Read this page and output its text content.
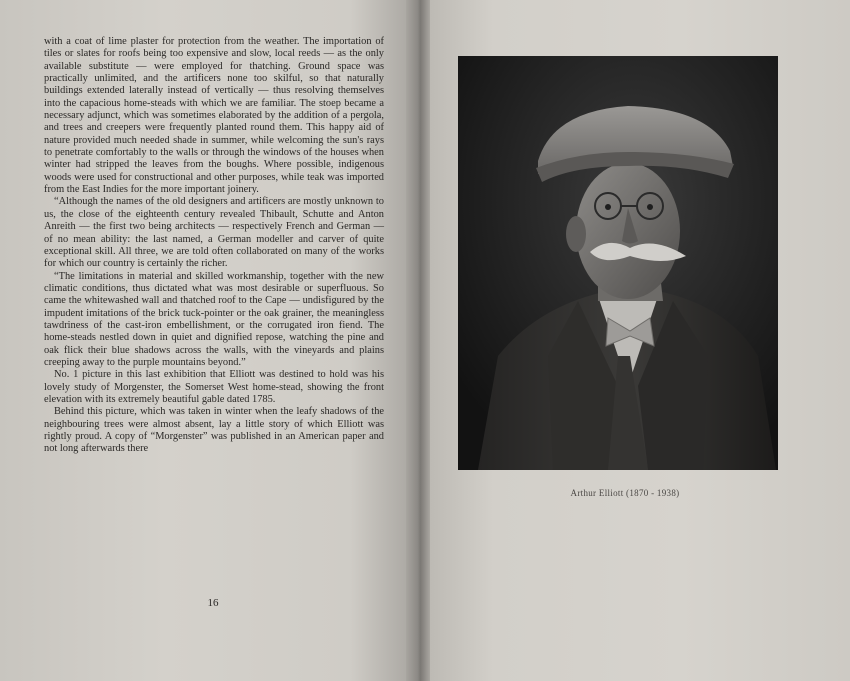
with a coat of lime plaster for protection from the weather. The importation of tiles or slates for roofs being too expensive and slow, local reeds — as the only available substitute — were employed for thatching. Ground space was practically unlimited, and the artificers none too skilful, so that naturally buildings extended laterally instead of vertically — thus resolving themselves into the capacious home-steads with which we are familiar. The stoep became a necessary adjunct, which was sometimes elaborated by the addition of a pergola, and trees and creepers were frequently planted round them. This happy aid of nature provided much needed shade in summer, while welcoming the sun's rays to penetrate comfortably to the walls or through the windows of the houses when winter had stripped the leaves from the boughs. Where possible, indigenous woods were used for constructional and other purposes, while teak was imported from the East Indies for the more important joinery.

“Although the names of the old designers and artificers are mostly unknown to us, the close of the eighteenth century revealed Thibault, Schutte and Anton Anreith — the first two being architects — respectively French and German — of no mean ability: the last named, a German modeller and carver of quite exceptional skill. All three, we are told often collaborated on many of the works for which our country is certainly the richer.

“The limitations in material and skilled workmanship, together with the new climatic conditions, thus dictated what was most desirable or superfluous. So came the whitewashed wall and thatched roof to the Cape — undisfigured by the impudent imitations of the brick tuck-pointer or the oak grainer, the meaningless tawdriness of the cast-iron embellishment, or the corrugated iron fiend. The home-steads nestled down in quiet and dignified repose, watching the pine and oak flick their blue shadows across the walls, with the vineyards and plains creeping away to the purple mountains beyond.”

No. 1 picture in this last exhibition that Elliott was destined to hold was his lovely study of Morgenster, the Somerset West home-stead, showing the front elevation with its extremely beautiful gable dated 1785.

Behind this picture, which was taken in winter when the leafy shadows of the neighbouring trees were almost absent, lay a little story of which Elliott was rightly proud. A copy of “Morgenster” was published in an American paper and not long afterwards there

16
Arthur Elliott (1870 - 1938)
